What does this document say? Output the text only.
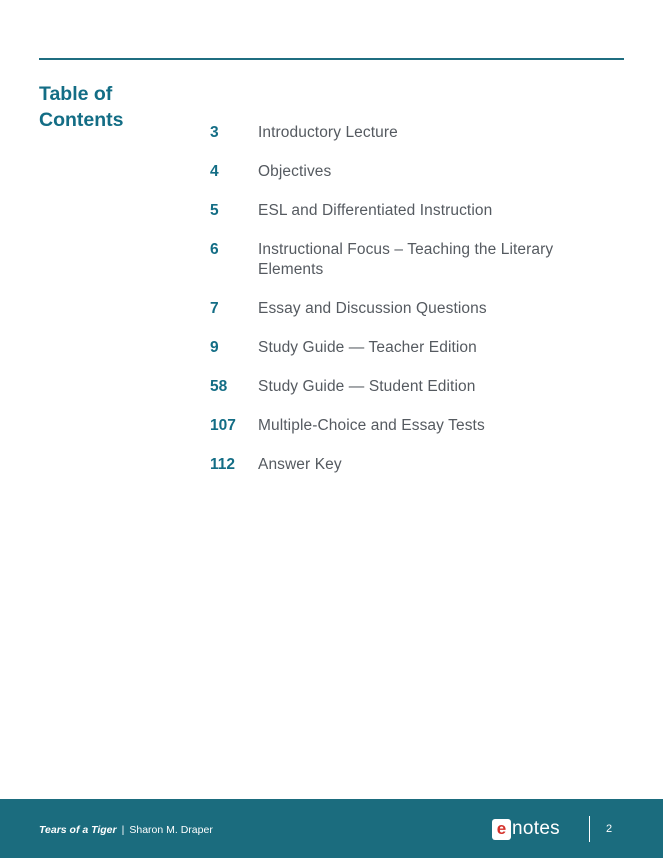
Table of
Contents
3	Introductory Lecture
4	Objectives
5	ESL and Differentiated Instruction
6	Instructional Focus – Teaching the Literary Elements
7	Essay and Discussion Questions
9	Study Guide — Teacher Edition
58	Study Guide — Student Edition
107	Multiple-Choice and Essay Tests
112	Answer Key
Tears of a Tiger | Sharon M. Draper	e notes	2
